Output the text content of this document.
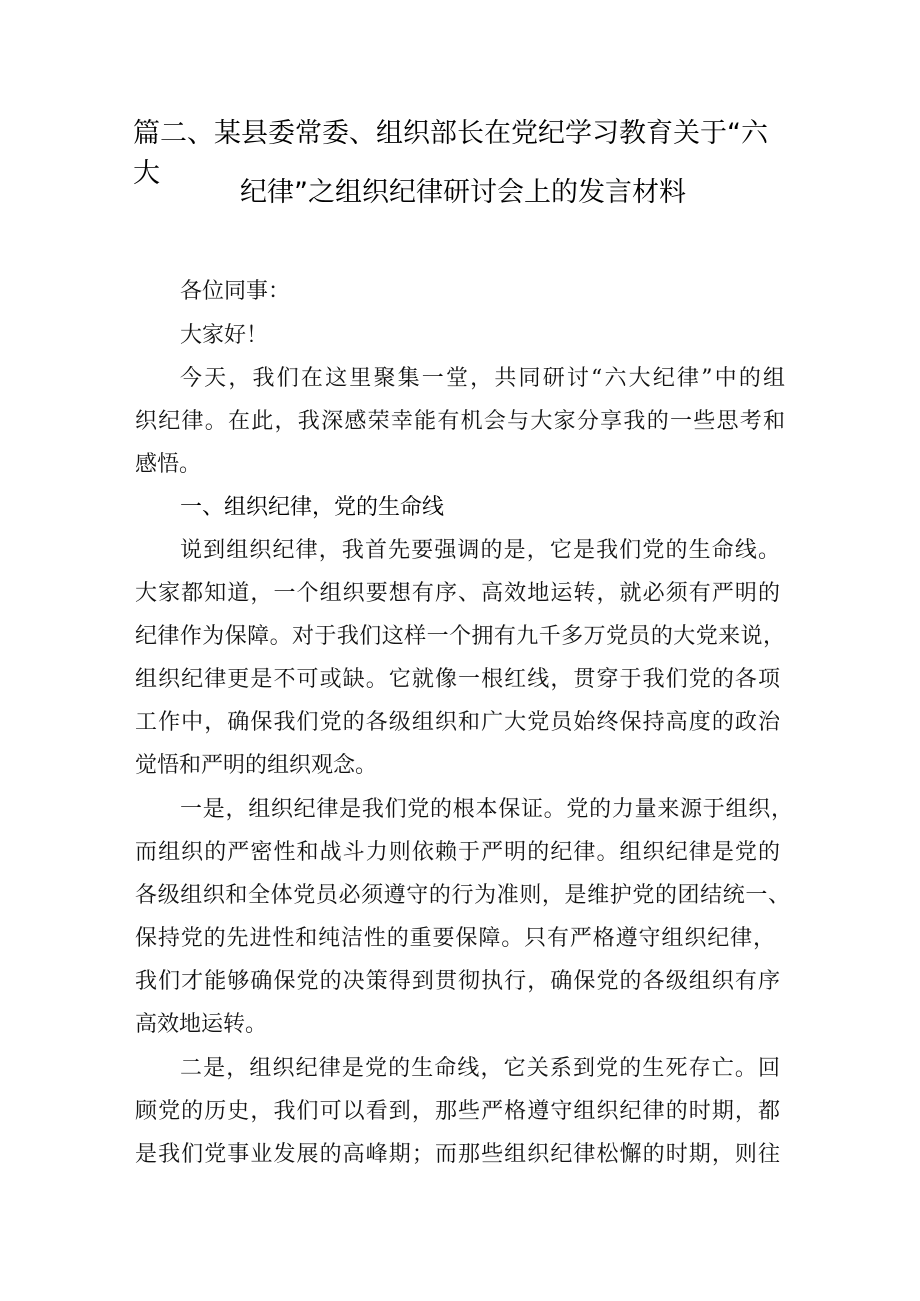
篇二、某县委常委、组织部长在党纪学习教育关于“六大
纪律”之组织纪律研讨会上的发言材料
各位同事：
大家好！
今天，我们在这里聚集一堂，共同研讨“六大纪律”中的组
织纪律。在此，我深感荣幸能有机会与大家分享我的一些思考和
感悟。
一、组织纪律，党的生命线
说到组织纪律，我首先要强调的是，它是我们党的生命线。
大家都知道，一个组织要想有序、高效地运转，就必须有严明的
纪律作为保障。对于我们这样一个拥有九千多万党员的大党来说，
组织纪律更是不可或缺。它就像一根红线，贯穿于我们党的各项
工作中，确保我们党的各级组织和广大党员始终保持高度的政治
觉悟和严明的组织观念。
一是，组织纪律是我们党的根本保证。党的力量来源于组织，
而组织的严密性和战斗力则依赖于严明的纪律。组织纪律是党的
各级组织和全体党员必须遵守的行为准则，是维护党的团结统一、
保持党的先进性和纯洁性的重要保障。只有严格遵守组织纪律，
我们才能够确保党的决策得到贯彻执行，确保党的各级组织有序
高效地运转。
二是，组织纪律是党的生命线，它关系到党的生死存亡。回
顾党的历史，我们可以看到，那些严格遵守组织纪律的时期，都
是我们党事业发展的高峰期；而那些组织纪律松懈的时期，则往
